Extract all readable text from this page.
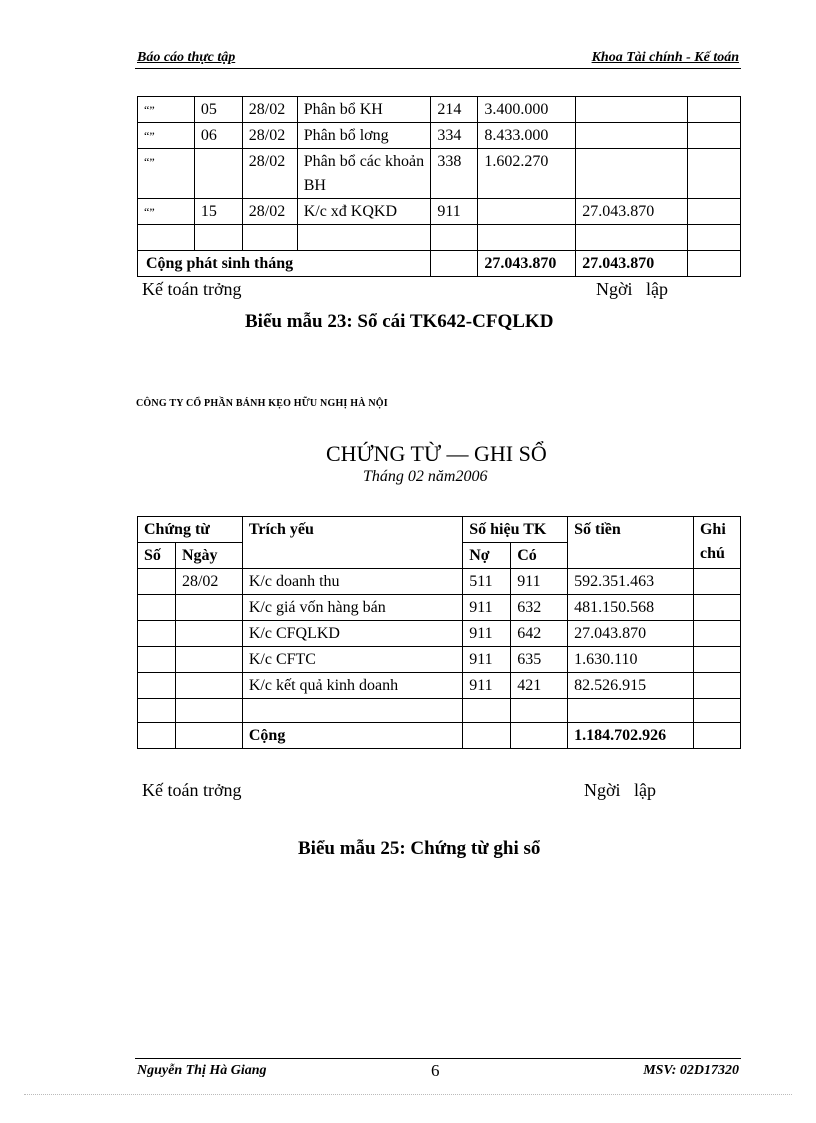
Báo cáo thực tập	Khoa Tài chính - Kế toán
“”	05	28/02	Phân bổ KH	214	3.400.000		
“”	06	28/02	Phân bổ lơng	334	8.433.000		
“”		28/02	Phân bổ các khoản BH	338	1.602.270		
“”	15	28/02	K/c xđ KQKD	911		27.043.870	

Cộng phát sinh tháng					27.043.870	27.043.870	
Kế toán trởng	Ngời   lập
Biểu mẫu 23: Sổ cái TK642-CFQLKD
CÔNG TY CỔ PHẦN BÁNH KẸO HỮU NGHỊ HÀ NỘI
CHỨNG TỪ — GHI SỔ
Tháng 02 năm2006
Chứng từ		Trích yếu	Số hiệu TK		Số tiền	Ghi chú
Số	Ngày		Nợ	Có		
	28/02	K/c doanh thu	511	911	592.351.463	
		K/c giá vốn hàng bán	911	632	481.150.568	
		K/c CFQLKD	911	642	27.043.870	
		K/c CFTC	911	635	1.630.110	
		K/c kết quả kinh doanh	911	421	82.526.915	

		Cộng			1.184.702.926	
Kế toán trởng	Ngời   lập
Biểu mẫu 25: Chứng từ ghi sổ
Nguyễn Thị Hà Giang	6	MSV: 02D17320
